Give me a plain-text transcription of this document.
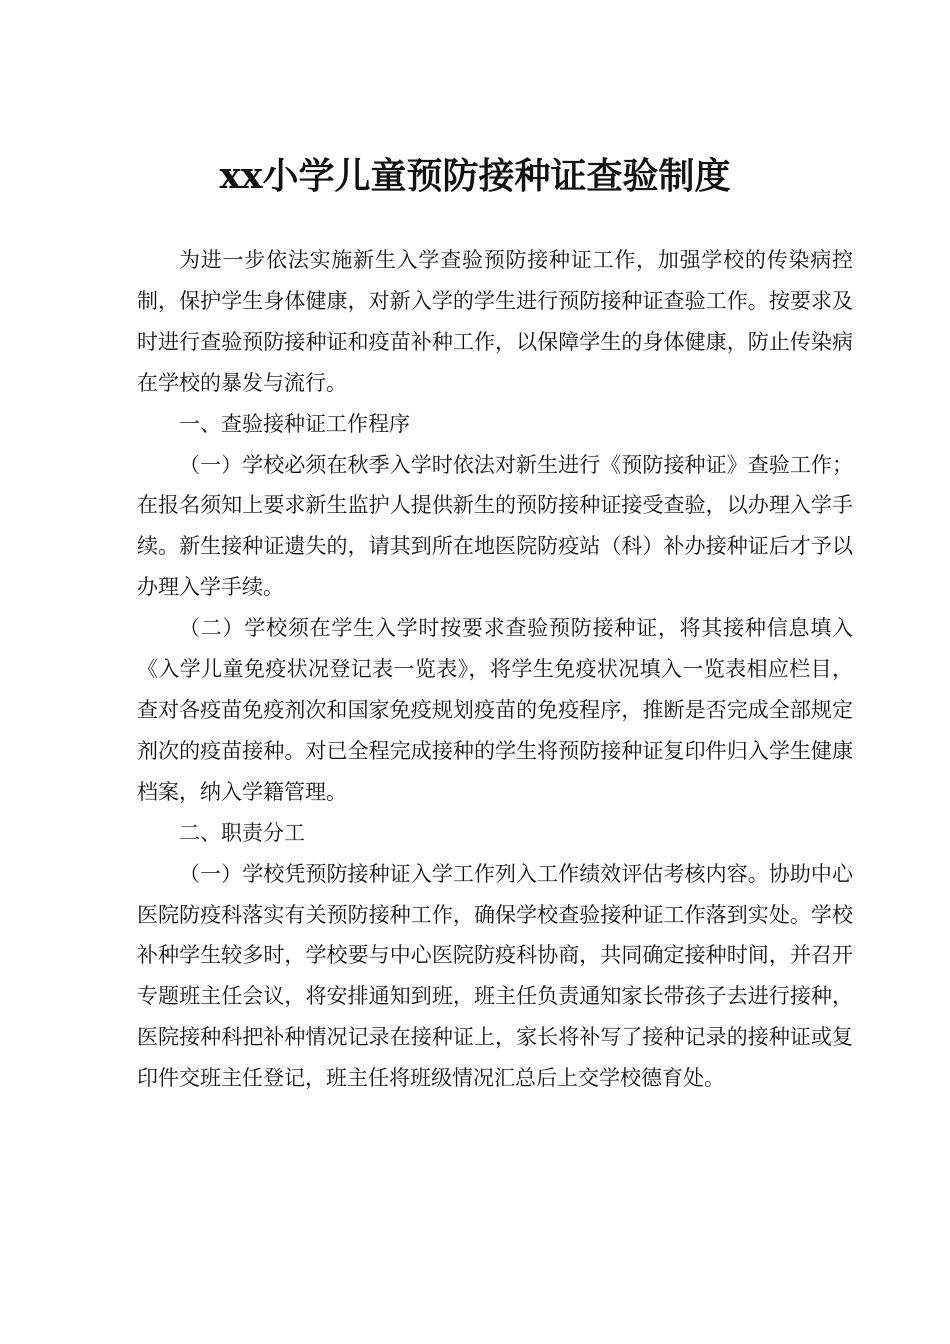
xx小学儿童预防接种证查验制度

为进一步依法实施新生入学查验预防接种证工作，加强学校的传染病控制，保护学生身体健康，对新入学的学生进行预防接种证查验工作。按要求及时进行查验预防接种证和疫苗补种工作，以保障学生的身体健康，防止传染病在学校的暴发与流行。

一、查验接种证工作程序

（一）学校必须在秋季入学时依法对新生进行《预防接种证》查验工作；在报名须知上要求新生监护人提供新生的预防接种证接受查验，以办理入学手续。新生接种证遗失的，请其到所在地医院防疫站（科）补办接种证后才予以办理入学手续。

（二）学校须在学生入学时按要求查验预防接种证，将其接种信息填入《入学儿童免疫状况登记表一览表》，将学生免疫状况填入一览表相应栏目，查对各疫苗免疫剂次和国家免疫规划疫苗的免疫程序，推断是否完成全部规定剂次的疫苗接种。对已全程完成接种的学生将预防接种证复印件归入学生健康档案，纳入学籍管理。

二、职责分工

（一）学校凭预防接种证入学工作列入工作绩效评估考核内容。协助中心医院防疫科落实有关预防接种工作，确保学校查验接种证工作落到实处。学校补种学生较多时，学校要与中心医院防疫科协商，共同确定接种时间，并召开专题班主任会议，将安排通知到班，班主任负责通知家长带孩子去进行接种，医院接种科把补种情况记录在接种证上，家长将补写了接种记录的接种证或复印件交班主任登记，班主任将班级情况汇总后上交学校德育处。
